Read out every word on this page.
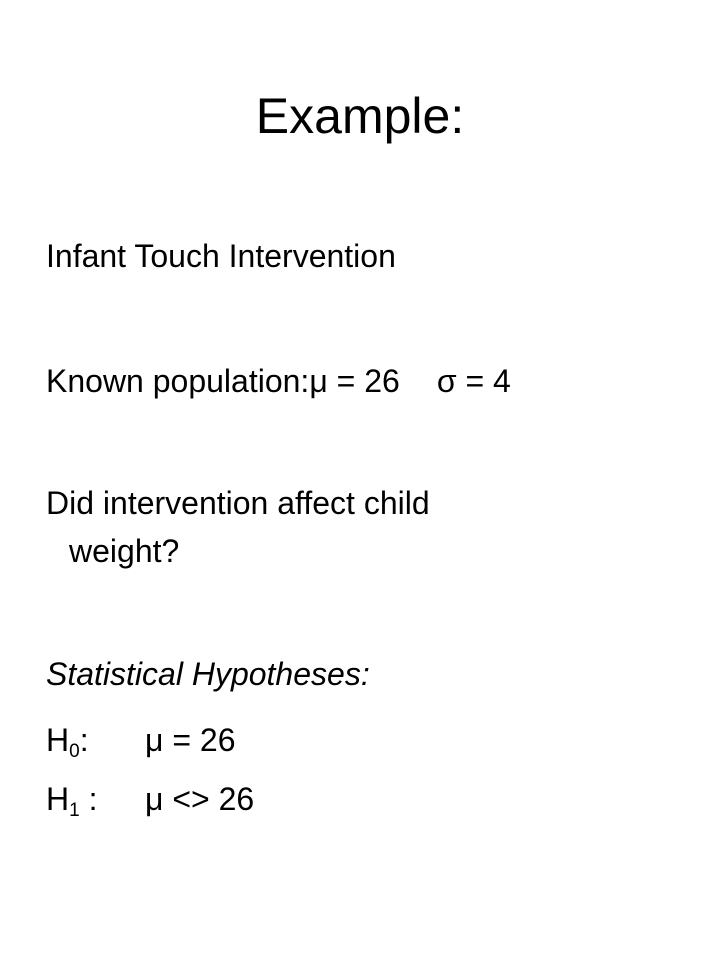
Example:
Infant Touch Intervention
Known population:μ = 26 σ = 4
Did intervention affect child
weight?
Statistical Hypotheses:
$H_0$: μ = 26
$H_1$ : μ <> 26
